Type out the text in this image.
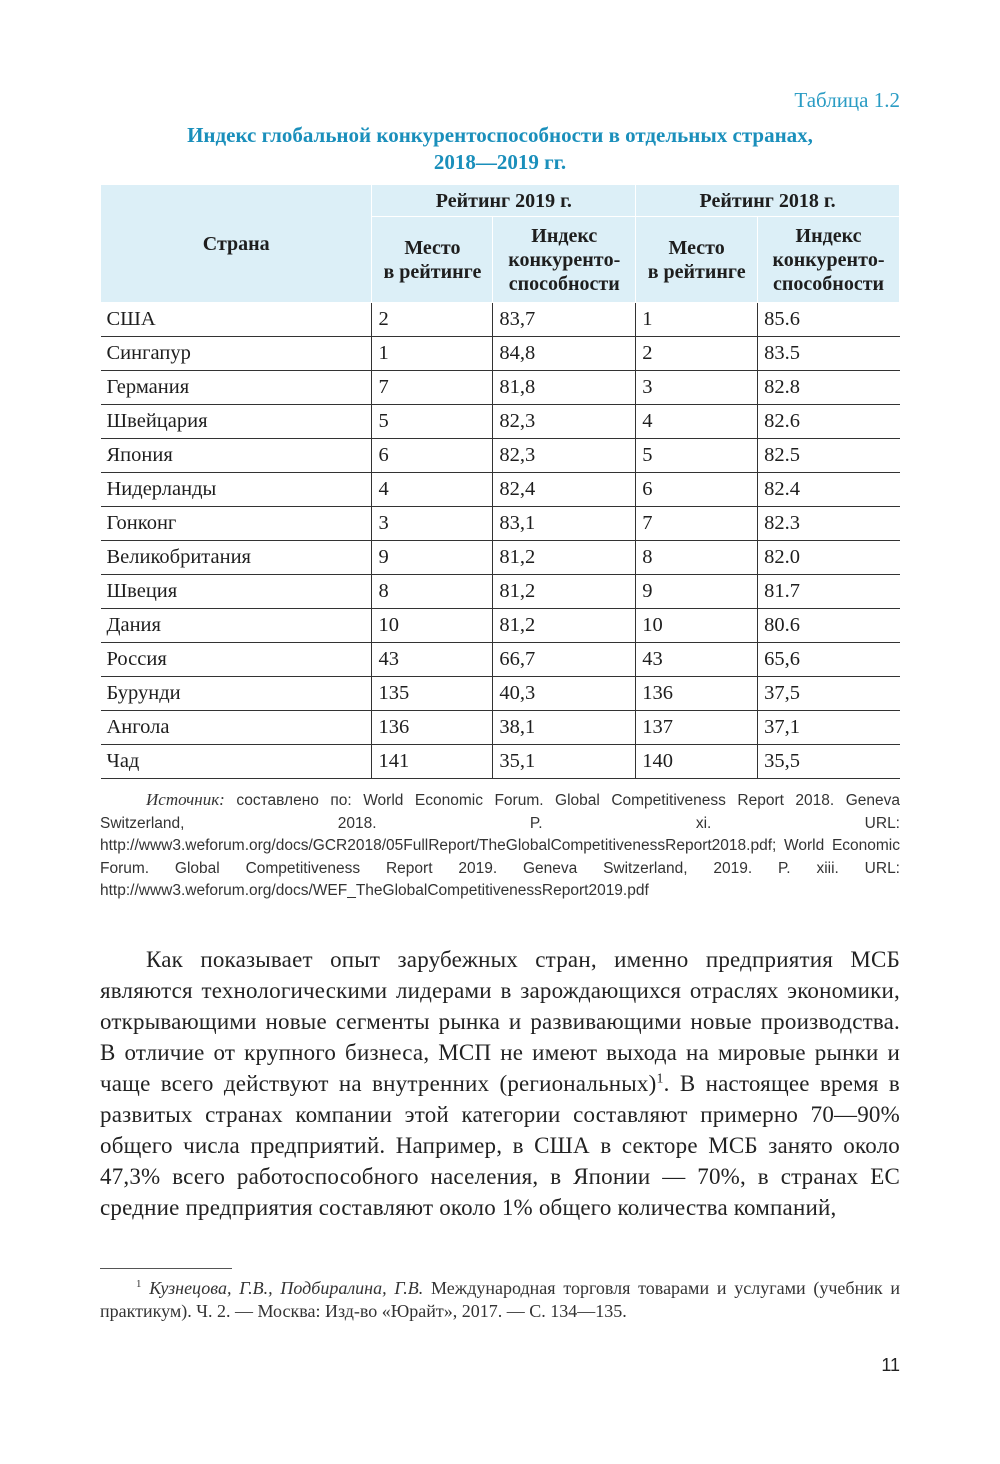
Таблица 1.2
Индекс глобальной конкурентоспособности в отдельных странах,
2018—2019 гг.
Страна	Рейтинг 2019 г.		Рейтинг 2018 г.	
	Место
в рейтинге	Индекс
конкурентo-
способности	Место
в рейтинге	Индекс
конкурентo-
способности
США	2	83,7	1	85.6
Сингапур	1	84,8	2	83.5
Германия	7	81,8	3	82.8
Швейцария	5	82,3	4	82.6
Япония	6	82,3	5	82.5
Нидерланды	4	82,4	6	82.4
Гонконг	3	83,1	7	82.3
Великобритания	9	81,2	8	82.0
Швеция	8	81,2	9	81.7
Дания	10	81,2	10	80.6
Россия	43	66,7	43	65,6
Бурунди	135	40,3	136	37,5
Ангола	136	38,1	137	37,1
Чад	141	35,1	140	35,5
Источник: составлено по: World Economic Forum. Global Competitiveness Report 2018. Geneva Switzerland, 2018. P. xi. URL: http://www3.weforum.org/docs/GCR2018/05FullReport/TheGlobalCompetitivenessReport2018.pdf; World Economic Forum. Global Competitiveness Report 2019. Geneva Switzerland, 2019. P. xiii. URL: http://www3.weforum.org/docs/WEF_TheGlobalCompetitivenessReport2019.pdf
Как показывает опыт зарубежных стран, именно предприятия МСБ являются технологическими лидерами в зарождающихся отраслях экономики, открывающими новые сегменты рынка и развивающими новые производства. В отличие от крупного бизнеса, МСП не имеют выхода на мировые рынки и чаще всего действуют на внутренних (региональных)$^1$. В настоящее время в развитых странах компании этой категории составляют примерно 70—90% общего числа предприятий. Например, в США в секторе МСБ занято около 47,3% всего работоспособного населения, в Японии — 70%, в странах ЕС средние предприятия составляют около 1% общего количества компаний,
$^1$ Кузнецова, Г.В., Подбиралина, Г.В. Международная торговля товарами и услугами (учебник и практикум). Ч. 2. — Москва: Изд-во «Юрайт», 2017. — С. 134—135.
11
